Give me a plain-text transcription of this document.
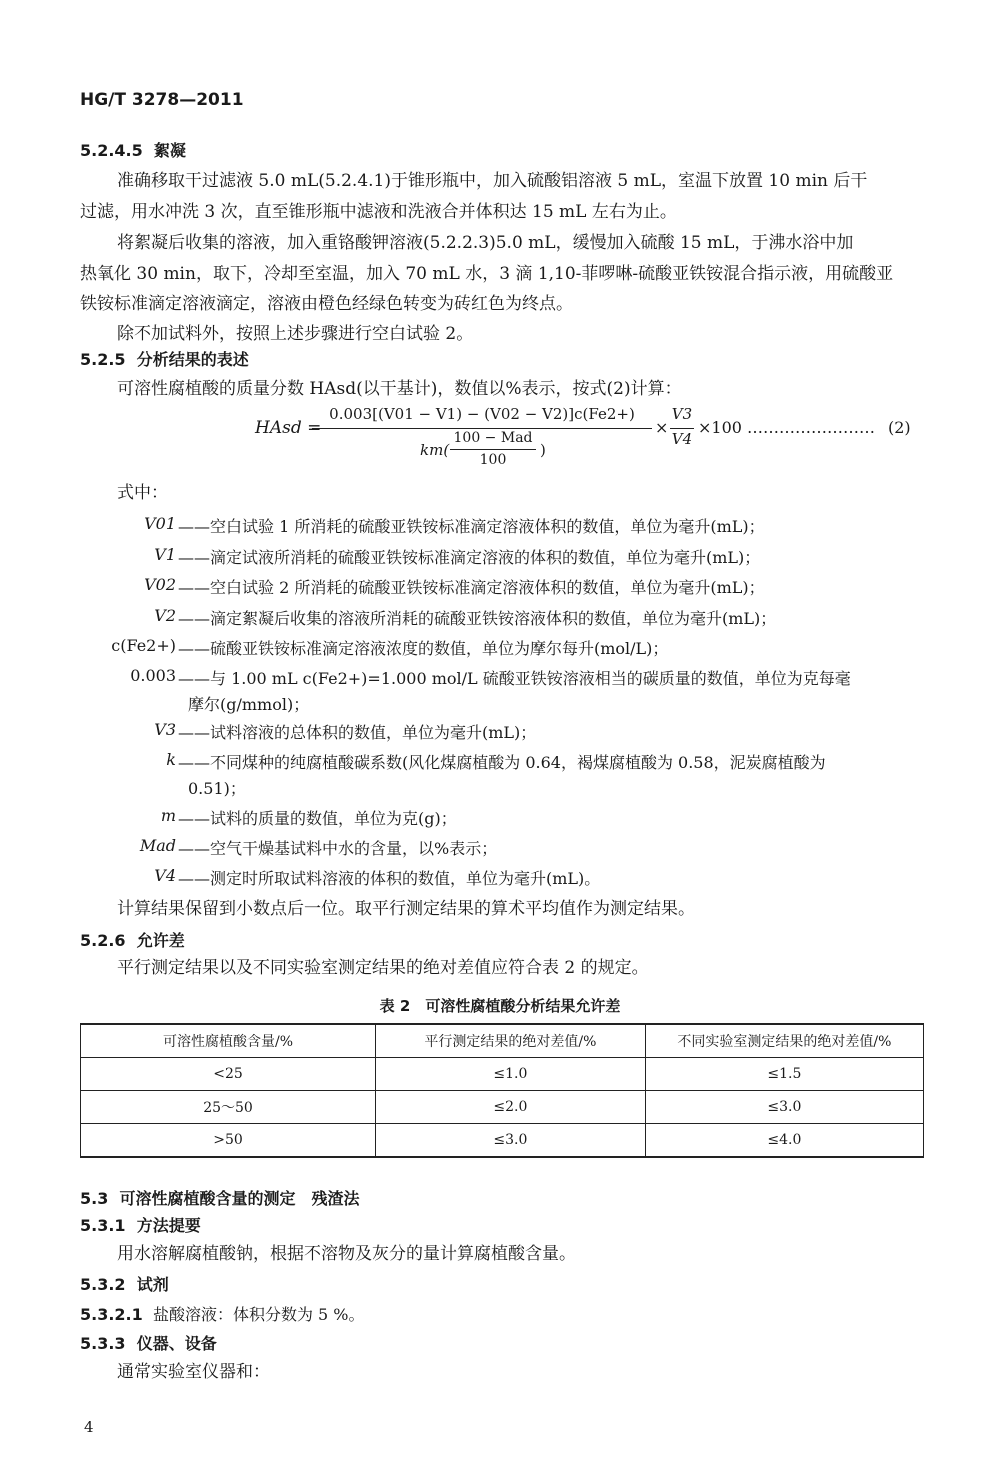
HG/T 3278—2011
5.2.4.5 絮凝
准确移取干过滤液 5.0 mL(5.2.4.1)于锥形瓶中，加入硫酸铝溶液 5 mL，室温下放置 10 min 后干
过滤，用水冲洗 3 次，直至锥形瓶中滤液和洗液合并体积达 15 mL 左右为止。
将絮凝后收集的溶液，加入重铬酸钾溶液(5.2.2.3)5.0 mL，缓慢加入硫酸 15 mL，于沸水浴中加
热氧化 30 min，取下，冷却至室温，加入 70 mL 水，3 滴 1,10-菲啰啉-硫酸亚铁铵混合指示液，用硫酸亚
铁铵标准滴定溶液滴定，溶液由橙色经绿色转变为砖红色为终点。
除不加试料外，按照上述步骤进行空白试验 2。
5.2.5 分析结果的表述
可溶性腐植酸的质量分数 HAsd(以干基计)，数值以%表示，按式(2)计算：
HAsd =
0.003[(V01 − V1) − (V02 − V2)]c(Fe2+)
km(
100 − Mad
100
)
×
V3
V4
×100 …………………… (2)
式中：
V01 ——空白试验 1 所消耗的硫酸亚铁铵标准滴定溶液体积的数值，单位为毫升(mL)；
V1 ——滴定试液所消耗的硫酸亚铁铵标准滴定溶液的体积的数值，单位为毫升(mL)；
V02 ——空白试验 2 所消耗的硫酸亚铁铵标准滴定溶液体积的数值，单位为毫升(mL)；
V2 ——滴定絮凝后收集的溶液所消耗的硫酸亚铁铵溶液体积的数值，单位为毫升(mL)；
c(Fe2+) ——硫酸亚铁铵标准滴定溶液浓度的数值，单位为摩尔每升(mol/L)；
0.003 ——与 1.00 mL c(Fe2+)=1.000 mol/L 硫酸亚铁铵溶液相当的碳质量的数值，单位为克每毫
摩尔(g/mmol)；
V3 ——试料溶液的总体积的数值，单位为毫升(mL)；
k ——不同煤种的纯腐植酸碳系数(风化煤腐植酸为 0.64，褐煤腐植酸为 0.58，泥炭腐植酸为
0.51)；
m ——试料的质量的数值，单位为克(g)；
Mad ——空气干燥基试料中水的含量，以%表示；
V4 ——测定时所取试料溶液的体积的数值，单位为毫升(mL)。
计算结果保留到小数点后一位。取平行测定结果的算术平均值作为测定结果。
5.2.6 允许差
平行测定结果以及不同实验室测定结果的绝对差值应符合表 2 的规定。
表 2　可溶性腐植酸分析结果允许差
可溶性腐植酸含量/%	平行测定结果的绝对差值/%	不同实验室测定结果的绝对差值/%
<25	≤1.0	≤1.5
25～50	≤2.0	≤3.0
>50	≤3.0	≤4.0
5.3 可溶性腐植酸含量的测定　残渣法
5.3.1 方法提要
用水溶解腐植酸钠，根据不溶物及灰分的量计算腐植酸含量。
5.3.2 试剂
5.3.2.1 盐酸溶液：体积分数为 5 %。
5.3.3 仪器、设备
通常实验室仪器和：
4
